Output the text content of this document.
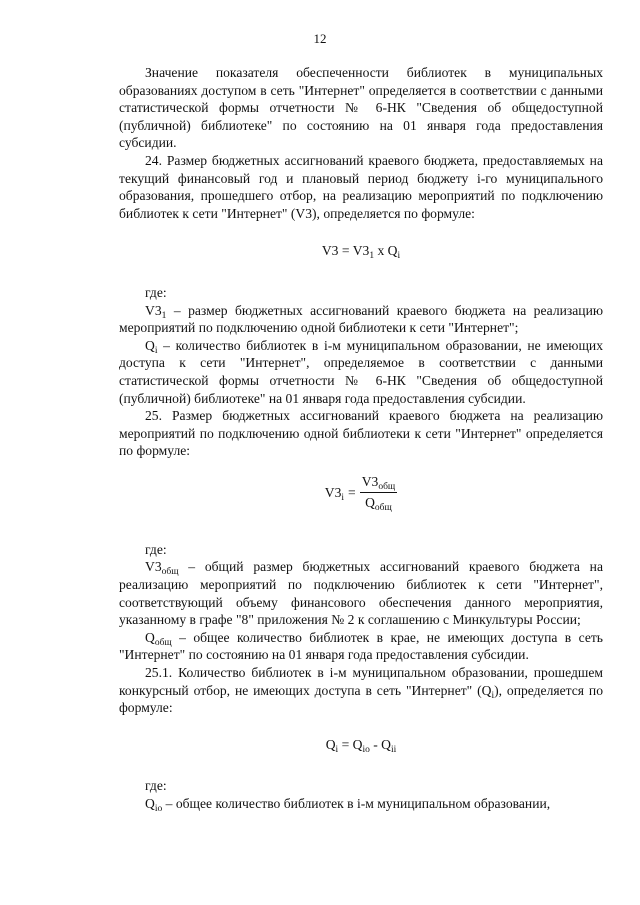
12

Значение показателя обеспеченности библиотек в муниципальных образованиях доступом в сеть "Интернет" определяется в соответствии с данными статистической формы отчетности № 6-НК "Сведения об общедоступной (публичной) библиотеке" по состоянию на 01 января года предоставления субсидии.

24. Размер бюджетных ассигнований краевого бюджета, предоставляемых на текущий финансовый год и плановый период бюджету i-го муниципального образования, прошедшего отбор, на реализацию мероприятий по подключению библиотек к сети "Интернет" (V3), определяется по формуле:

$V3 = V3_1$ x $Q_i$

где:

$V3_1$ – размер бюджетных ассигнований краевого бюджета на реализацию мероприятий по подключению одной библиотеки к сети "Интернет";

$Q_i$ – количество библиотек в i-м муниципальном образовании, не имеющих доступа к сети "Интернет", определяемое в соответствии с данными статистической формы отчетности № 6-НК "Сведения об общедоступной (публичной) библиотеке" на 01 января года предоставления субсидии.

25. Размер бюджетных ассигнований краевого бюджета на реализацию мероприятий по подключению одной библиотеки к сети "Интернет" определяется по формуле:

$V3_i = \frac{V3_{общ}}{Q_{общ}}$

где:

$V3_{общ}$ – общий размер бюджетных ассигнований краевого бюджета на реализацию мероприятий по подключению библиотек к сети "Интернет", соответствующий объему финансового обеспечения данного мероприятия, указанному в графе "8" приложения № 2 к соглашению с Минкультуры России;

$Q_{общ}$ – общее количество библиотек в крае, не имеющих доступа в сеть "Интернет" по состоянию на 01 января года предоставления субсидии.

25.1. Количество библиотек в i-м муниципальном образовании, прошедшем конкурсный отбор, не имеющих доступа в сеть "Интернет" $(Q_i)$, определяется по формуле:

$Q_i = Q_{io} - Q_{ii}$

где:

$Q_{io}$ – общее количество библиотек в i-м муниципальном образовании,
